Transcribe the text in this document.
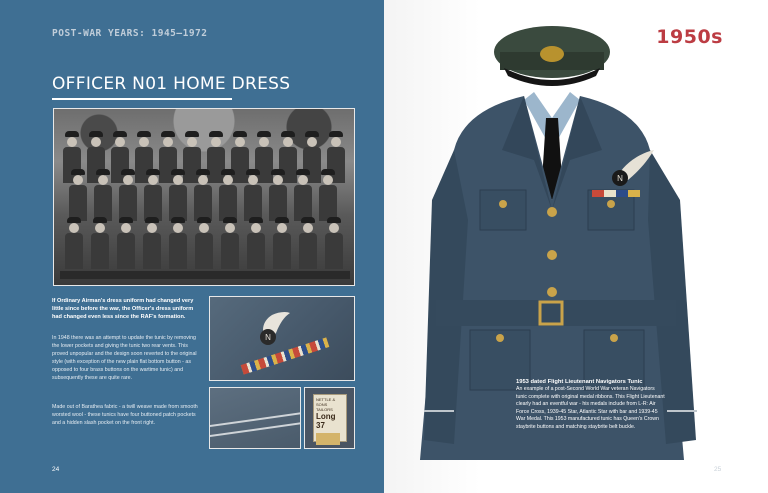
POST-WAR YEARS: 1945–1972
OFFICER N01 HOME DRESS

If Ordinary Airman's dress uniform had changed very little since before the war, the Officer's dress uniform had changed even less since the RAF's formation.

In 1948 there was an attempt to update the tunic by removing the lower pockets and giving the tunic two rear vents. This proved unpopular and the design soon reverted to the original style (with exception of the new plain flat bottom button - as opposed to four brass buttons on the wartime tunic) and subsequently these are quite rare.

Made out of Barathea fabric - a twill weave made from smooth worsted wool - these tunics have four buttoned patch pockets and a hidden slash pocket on the front right.

N
NETTLE & SONS
TAILORS
Long 37
24
N
1950s
1953 dated Flight Lieutenant Navigators Tunic
An example of a post-Second World War veteran Navigators tunic complete with original medal ribbons. This Flight Lieutenant clearly had an eventful war - his medals include from L-R: Air Force Cross, 1939-45 Star, Atlantic Star with bar and 1939-45 War Medal. This 1953 manufactured tunic has Queen's Crown staybrite buttons and matching staybrite belt buckle.
25
